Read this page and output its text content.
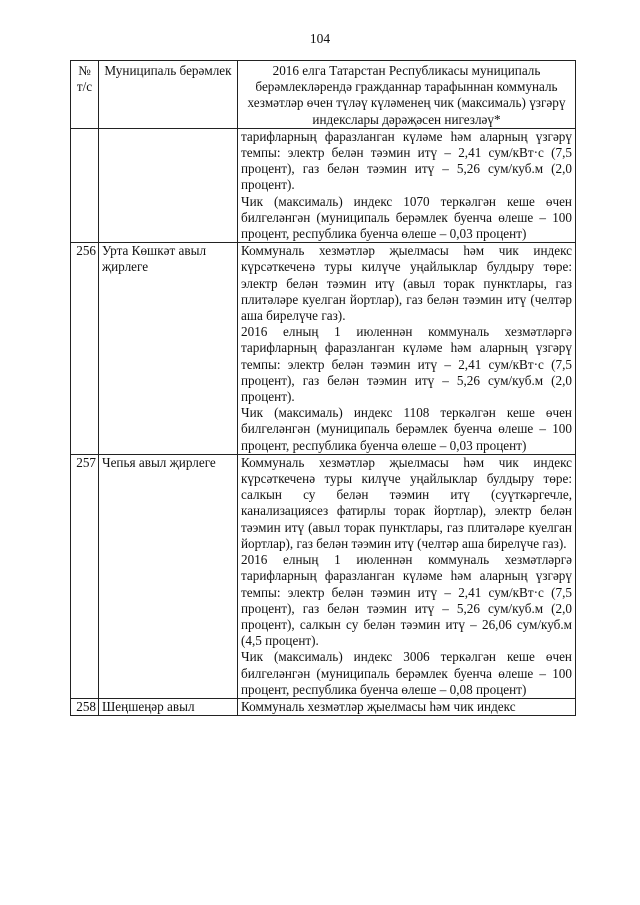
104
№ т/с	Муниципаль берәмлек	2016 елга Татарстан Республикасы муниципаль берәмлекләрендә гражданнар тарафыннан коммуналь хезмәтләр өчен түләү күләменең чик (максималь) үзгәрү индекслары дәрәҗәсен нигезләү*

		тарифларның фаразланган күләме һәм аларның үзгәрү темпы: электр белән тәэмин итү – 2,41 сум/кВт·с (7,5 процент), газ белән тәэмин итү – 5,26 сум/куб.м (2,0 процент).

Чик (максималь) индекс 1070 теркәлгән кеше өчен билгеләнгән (муниципаль берәмлек буенча өлеше – 100 процент, республика буенча өлеше – 0,03 процент)

256	Урта Көшкәт авыл җирлеге	Коммуналь хезмәтләр җыелмасы һәм чик индекс күрсәткеченә туры килүче уңайлыклар булдыру төре: электр белән тәэмин итү (авыл торак пунктлары, газ плитәләре куелган йортлар), газ белән тәэмин итү (челтәр аша бирелүче газ).

2016 елның 1 июленнән коммуналь хезмәтләргә тарифларның фаразланган күләме һәм аларның үзгәрү темпы: электр белән тәэмин итү – 2,41 сум/кВт·с (7,5 процент), газ белән тәэмин итү – 5,26 сум/куб.м (2,0 процент).

Чик (максималь) индекс 1108 теркәлгән кеше өчен билгеләнгән (муниципаль берәмлек буенча өлеше – 100 процент, республика буенча өлеше – 0,03 процент)

257	Чепья авыл җирлеге	Коммуналь хезмәтләр җыелмасы һәм чик индекс күрсәткеченә туры килүче уңайлыклар булдыру төре: салкын су белән тәэмин итү (суүткәргечле, канализациясез фатирлы торак йортлар), электр белән тәэмин итү (авыл торак пунктлары, газ плитәләре куелган йортлар), газ белән тәэмин итү (челтәр аша бирелүче газ).

2016 елның 1 июленнән коммуналь хезмәтләргә тарифларның фаразланган күләме һәм аларның үзгәрү темпы: электр белән тәэмин итү – 2,41 сум/кВт·с (7,5 процент), газ белән тәэмин итү – 5,26 сум/куб.м (2,0 процент), салкын су белән тәэмин итү – 26,06 сум/куб.м (4,5 процент).

Чик (максималь) индекс 3006 теркәлгән кеше өчен билгеләнгән (муниципаль берәмлек буенча өлеше – 100 процент, республика буенча өлеше – 0,08 процент)

258	Шеңшеңәр авыл	Коммуналь хезмәтләр җыелмасы һәм чик индекс
